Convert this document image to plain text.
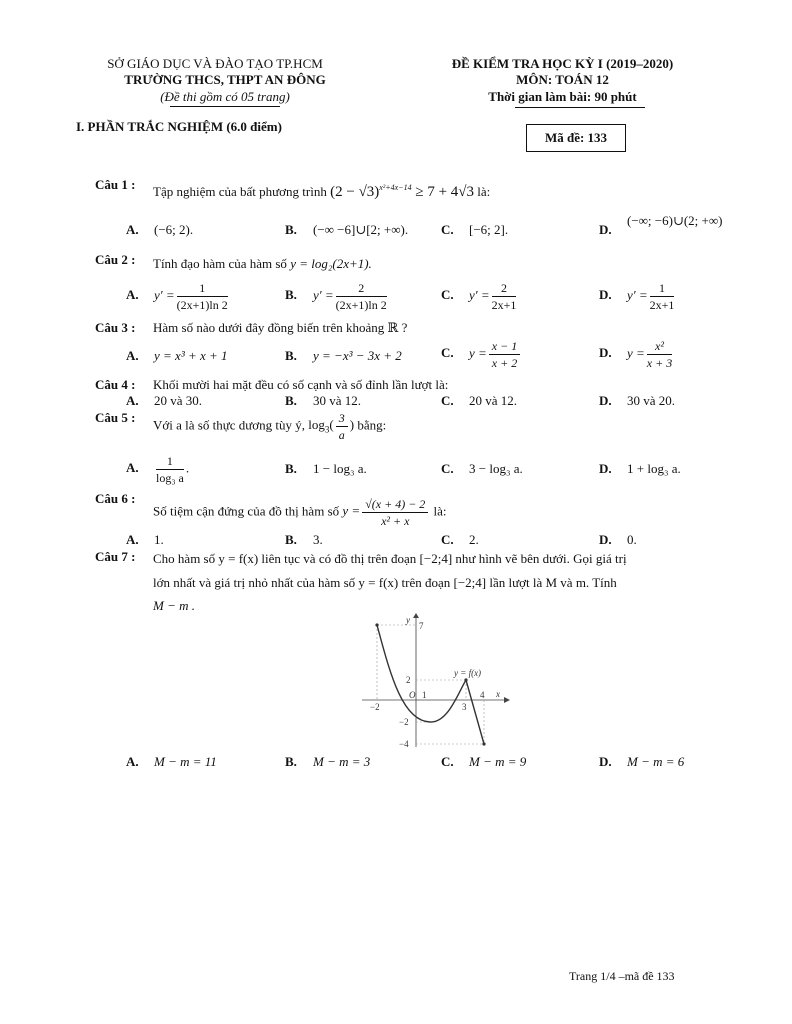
SỞ GIÁO DỤC VÀ ĐÀO TẠO TP.HCM
TRƯỜNG THCS, THPT AN ĐÔNG
(Đề thi gồm có 05 trang)
ĐỀ KIỂM TRA HỌC KỲ I (2019–2020)
MÔN: TOÁN 12
Thời gian làm bài: 90 phút
I. PHẦN TRẮC NGHIỆM (6.0 điểm)
Mã đề: 133
Câu 1 : Tập nghiệm của bất phương trình $(2 - √3)^{x^2+4x-14} \ge 7 + 4√3$ là:
A. (−6; 2).	B. (−∞ −6]∪[2; +∞).	C. [−6; 2].	D.(−∞; −6)∪(2; +∞)
Câu 2 : Tính đạo hàm của hàm số y = log₂(2x+1).
A. $y' = \frac{1}{(2x+1)\ln 2}$	B. $y' = \frac{2}{(2x+1)\ln 2}$	C. $y' = \frac{2}{2x+1}$	D. $y' = \frac{1}{2x+1}$
Câu 3 : Hàm số nào dưới đây đồng biến trên khoảng ℝ ?
A. y = x³ + x + 1	B. y = −x³ − 3x + 2	C. $y = \frac{x - 1}{x + 2}$	D. $y = \frac{\text{x²}}{x + 3}$
Câu 4 : Khối mười hai mặt đều có số cạnh và số đỉnh lần lượt là:
A. 20 và 30.	B. 30 và 12.	C. 20 và 12.	D. 30 và 20.
Câu 5 : Với a là số thực dương tùy ý, $\log_3( \frac{3}{a}$ ) bằng:
A. $\frac{1}{\text{log₃ a}}$ .	B. 1 − log₃ a.	C. 3 − log₃ a.	D. 1 + log₃ a.
Câu 6 :
Số tiệm cận đứng của đồ thị hàm số $y = \frac{√(x + 4) - 2}{\text{x² + x}}$ là:
A. 1.	B. 3.	C. 2.	D. 0.
Câu 7 : Cho hàm số y = f(x) liên tục và có đồ thị trên đoạn [−2;4] như hình vẽ bên dưới. Gọi giá trị
lớn nhất và giá trị nhỏ nhất của hàm số y = f(x) trên đoạn [−2;4] lần lượt là M và m. Tính
M − m .
y
7
2
−2
−4
−2
O 1
3
4 x
y = f(x)
A. M − m = 11	B. M − m = 3	C. M − m = 9	D. M − m = 6
Trang 1/4 –mã đề 133
